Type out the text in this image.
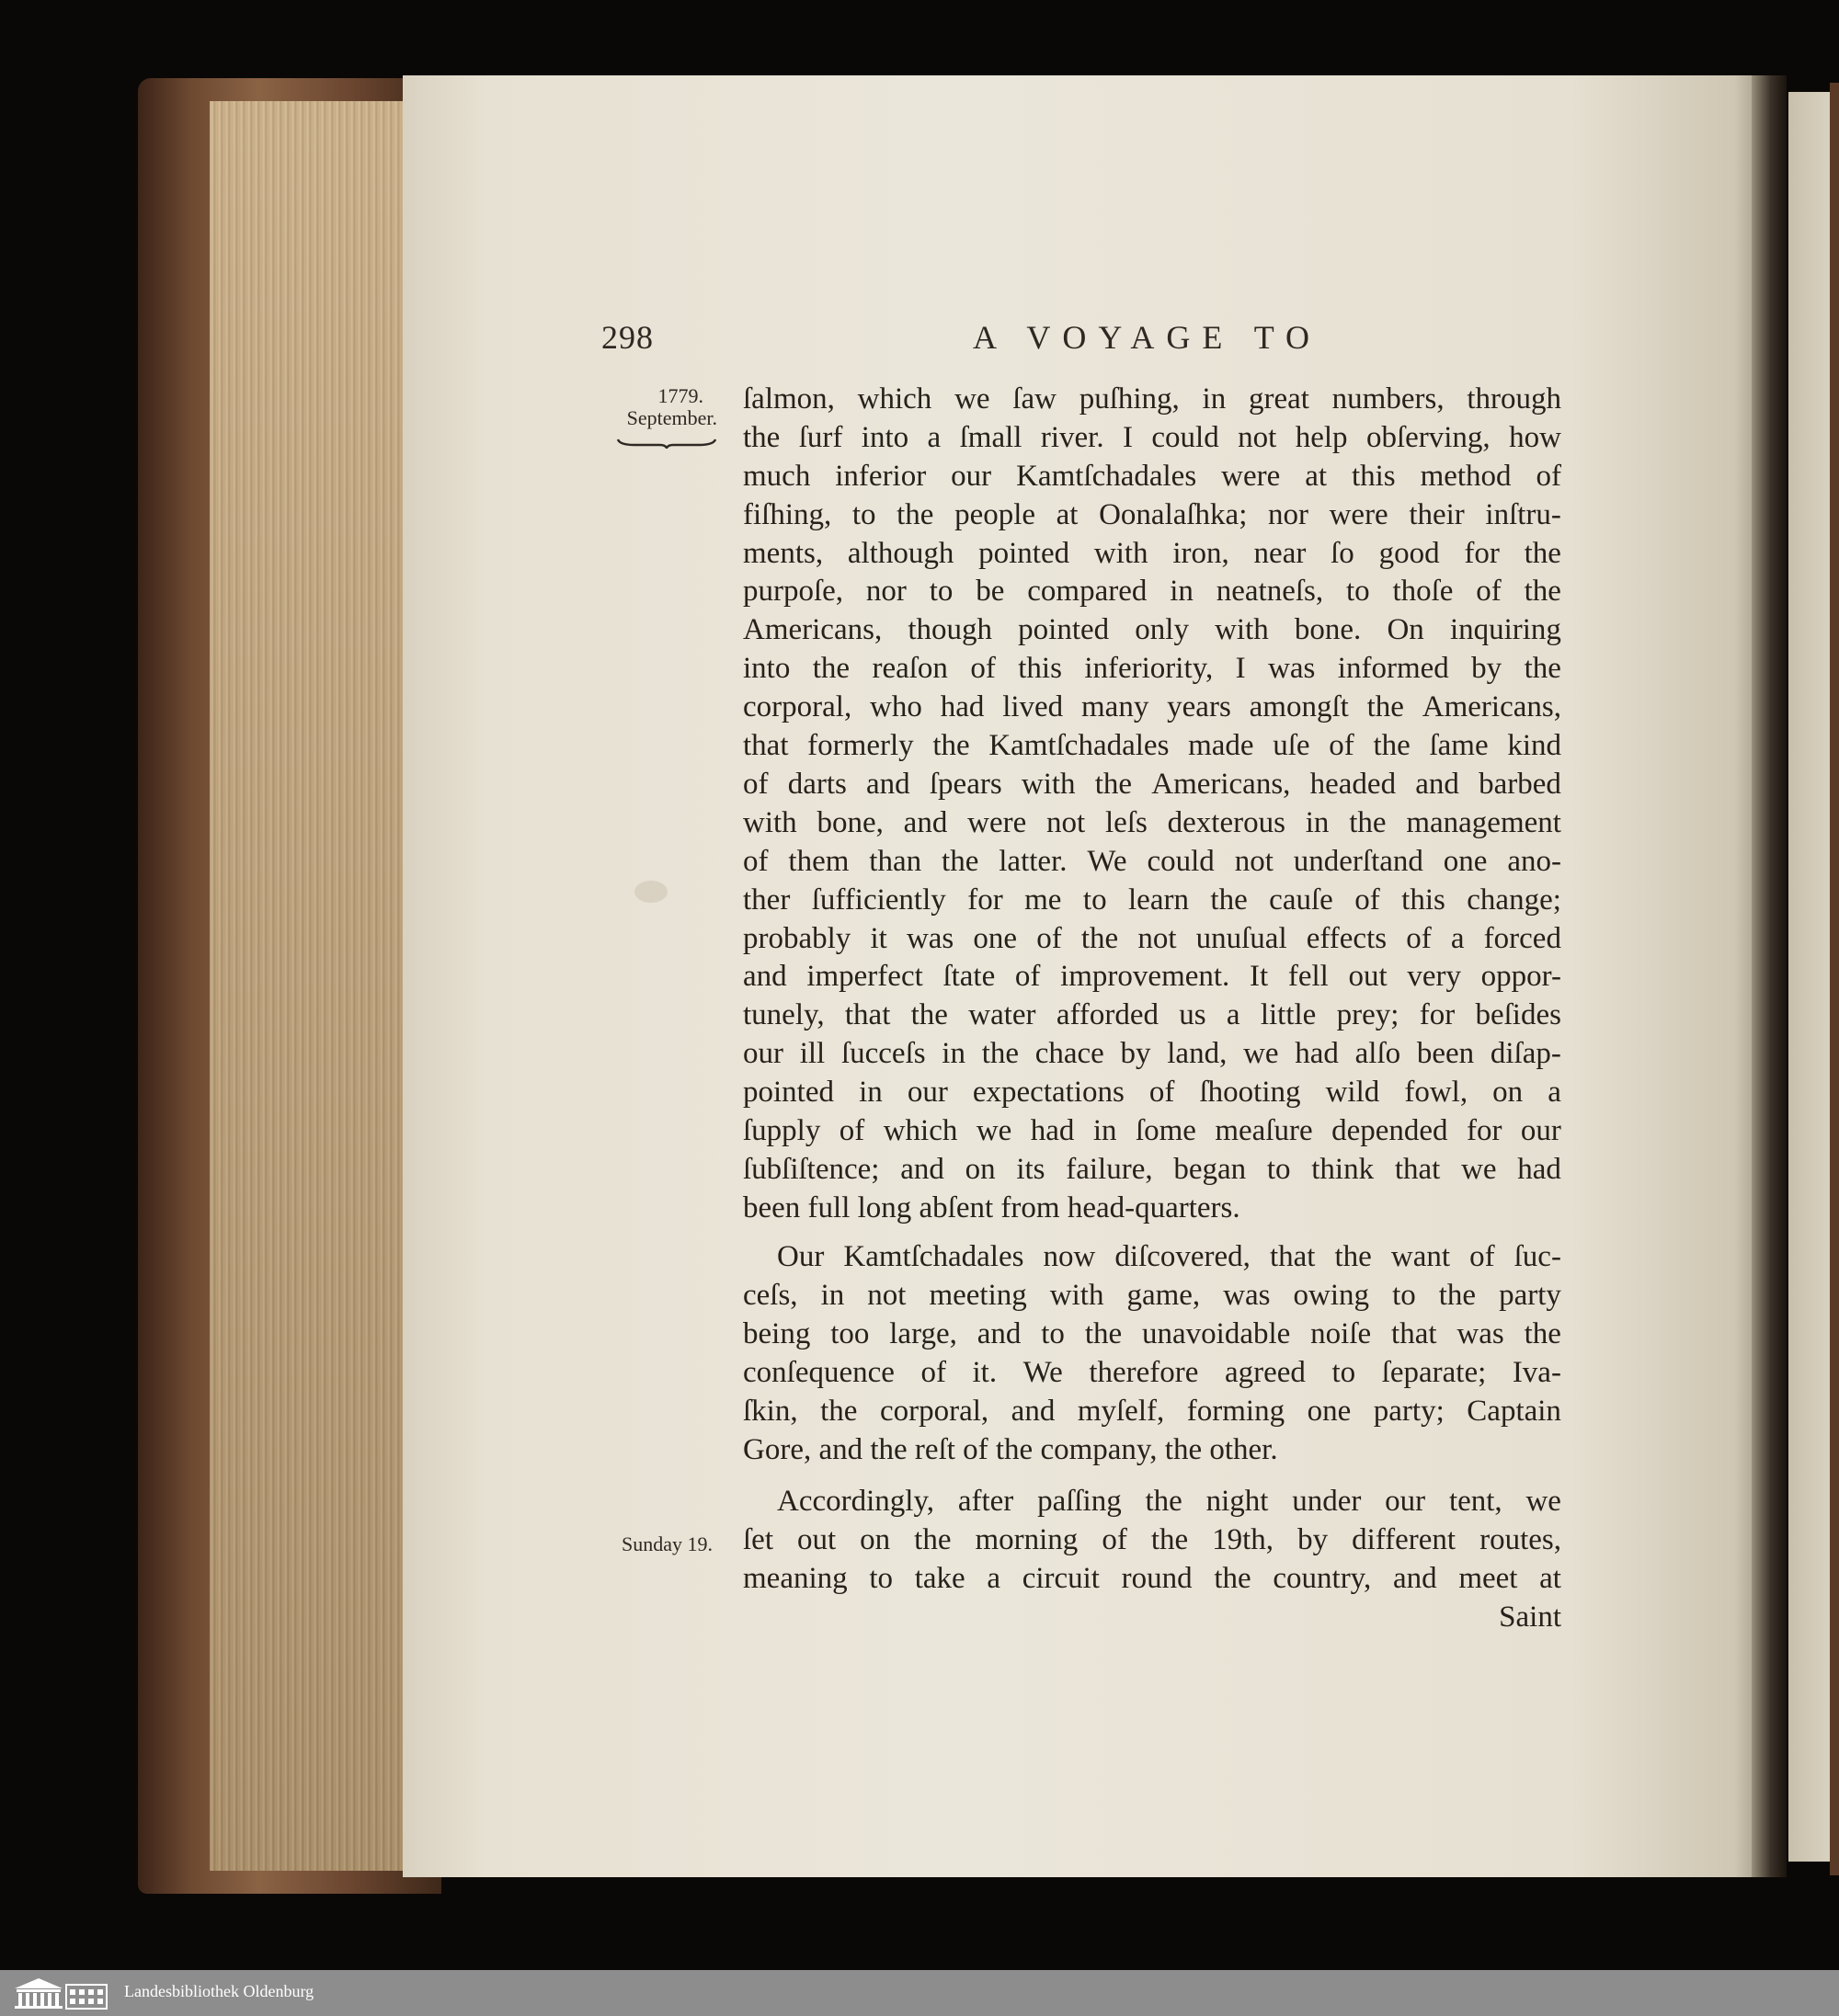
298	A VOYAGE TO
1779.
September.
Sunday 19.
ſalmon, which we ſaw puſhing, in great numbers, through
the ſurf into a ſmall river. I could not help obſerving, how
much inferior our Kamtſchadales were at this method of
fiſhing, to the people at Oonalaſhka; nor were their inſtru-
ments, although pointed with iron, near ſo good for the
purpoſe, nor to be compared in neatneſs, to thoſe of the
Americans, though pointed only with bone. On inquiring
into the reaſon of this inferiority, I was informed by the
corporal, who had lived many years amongſt the Americans,
that formerly the Kamtſchadales made uſe of the ſame kind
of darts and ſpears with the Americans, headed and barbed
with bone, and were not leſs dexterous in the management
of them than the latter. We could not underſtand one ano-
ther ſufficiently for me to learn the cauſe of this change;
probably it was one of the not unuſual effects of a forced
and imperfect ſtate of improvement. It fell out very oppor-
tunely, that the water afforded us a little prey; for beſides
our ill ſucceſs in the chace by land, we had alſo been diſap-
pointed in our expectations of ſhooting wild fowl, on a
ſupply of which we had in ſome meaſure depended for our
ſubſiſtence; and on its failure, began to think that we had
been full long abſent from head-quarters.
Our Kamtſchadales now diſcovered, that the want of ſuc-
ceſs, in not meeting with game, was owing to the party
being too large, and to the unavoidable noiſe that was the
conſequence of it. We therefore agreed to ſeparate; Iva-
ſkin, the corporal, and myſelf, forming one party; Captain
Gore, and the reſt of the company, the other.
Accordingly, after paſſing the night under our tent, we
ſet out on the morning of the 19th, by different routes,
meaning to take a circuit round the country, and meet at
Saint
Landesbibliothek Oldenburg
